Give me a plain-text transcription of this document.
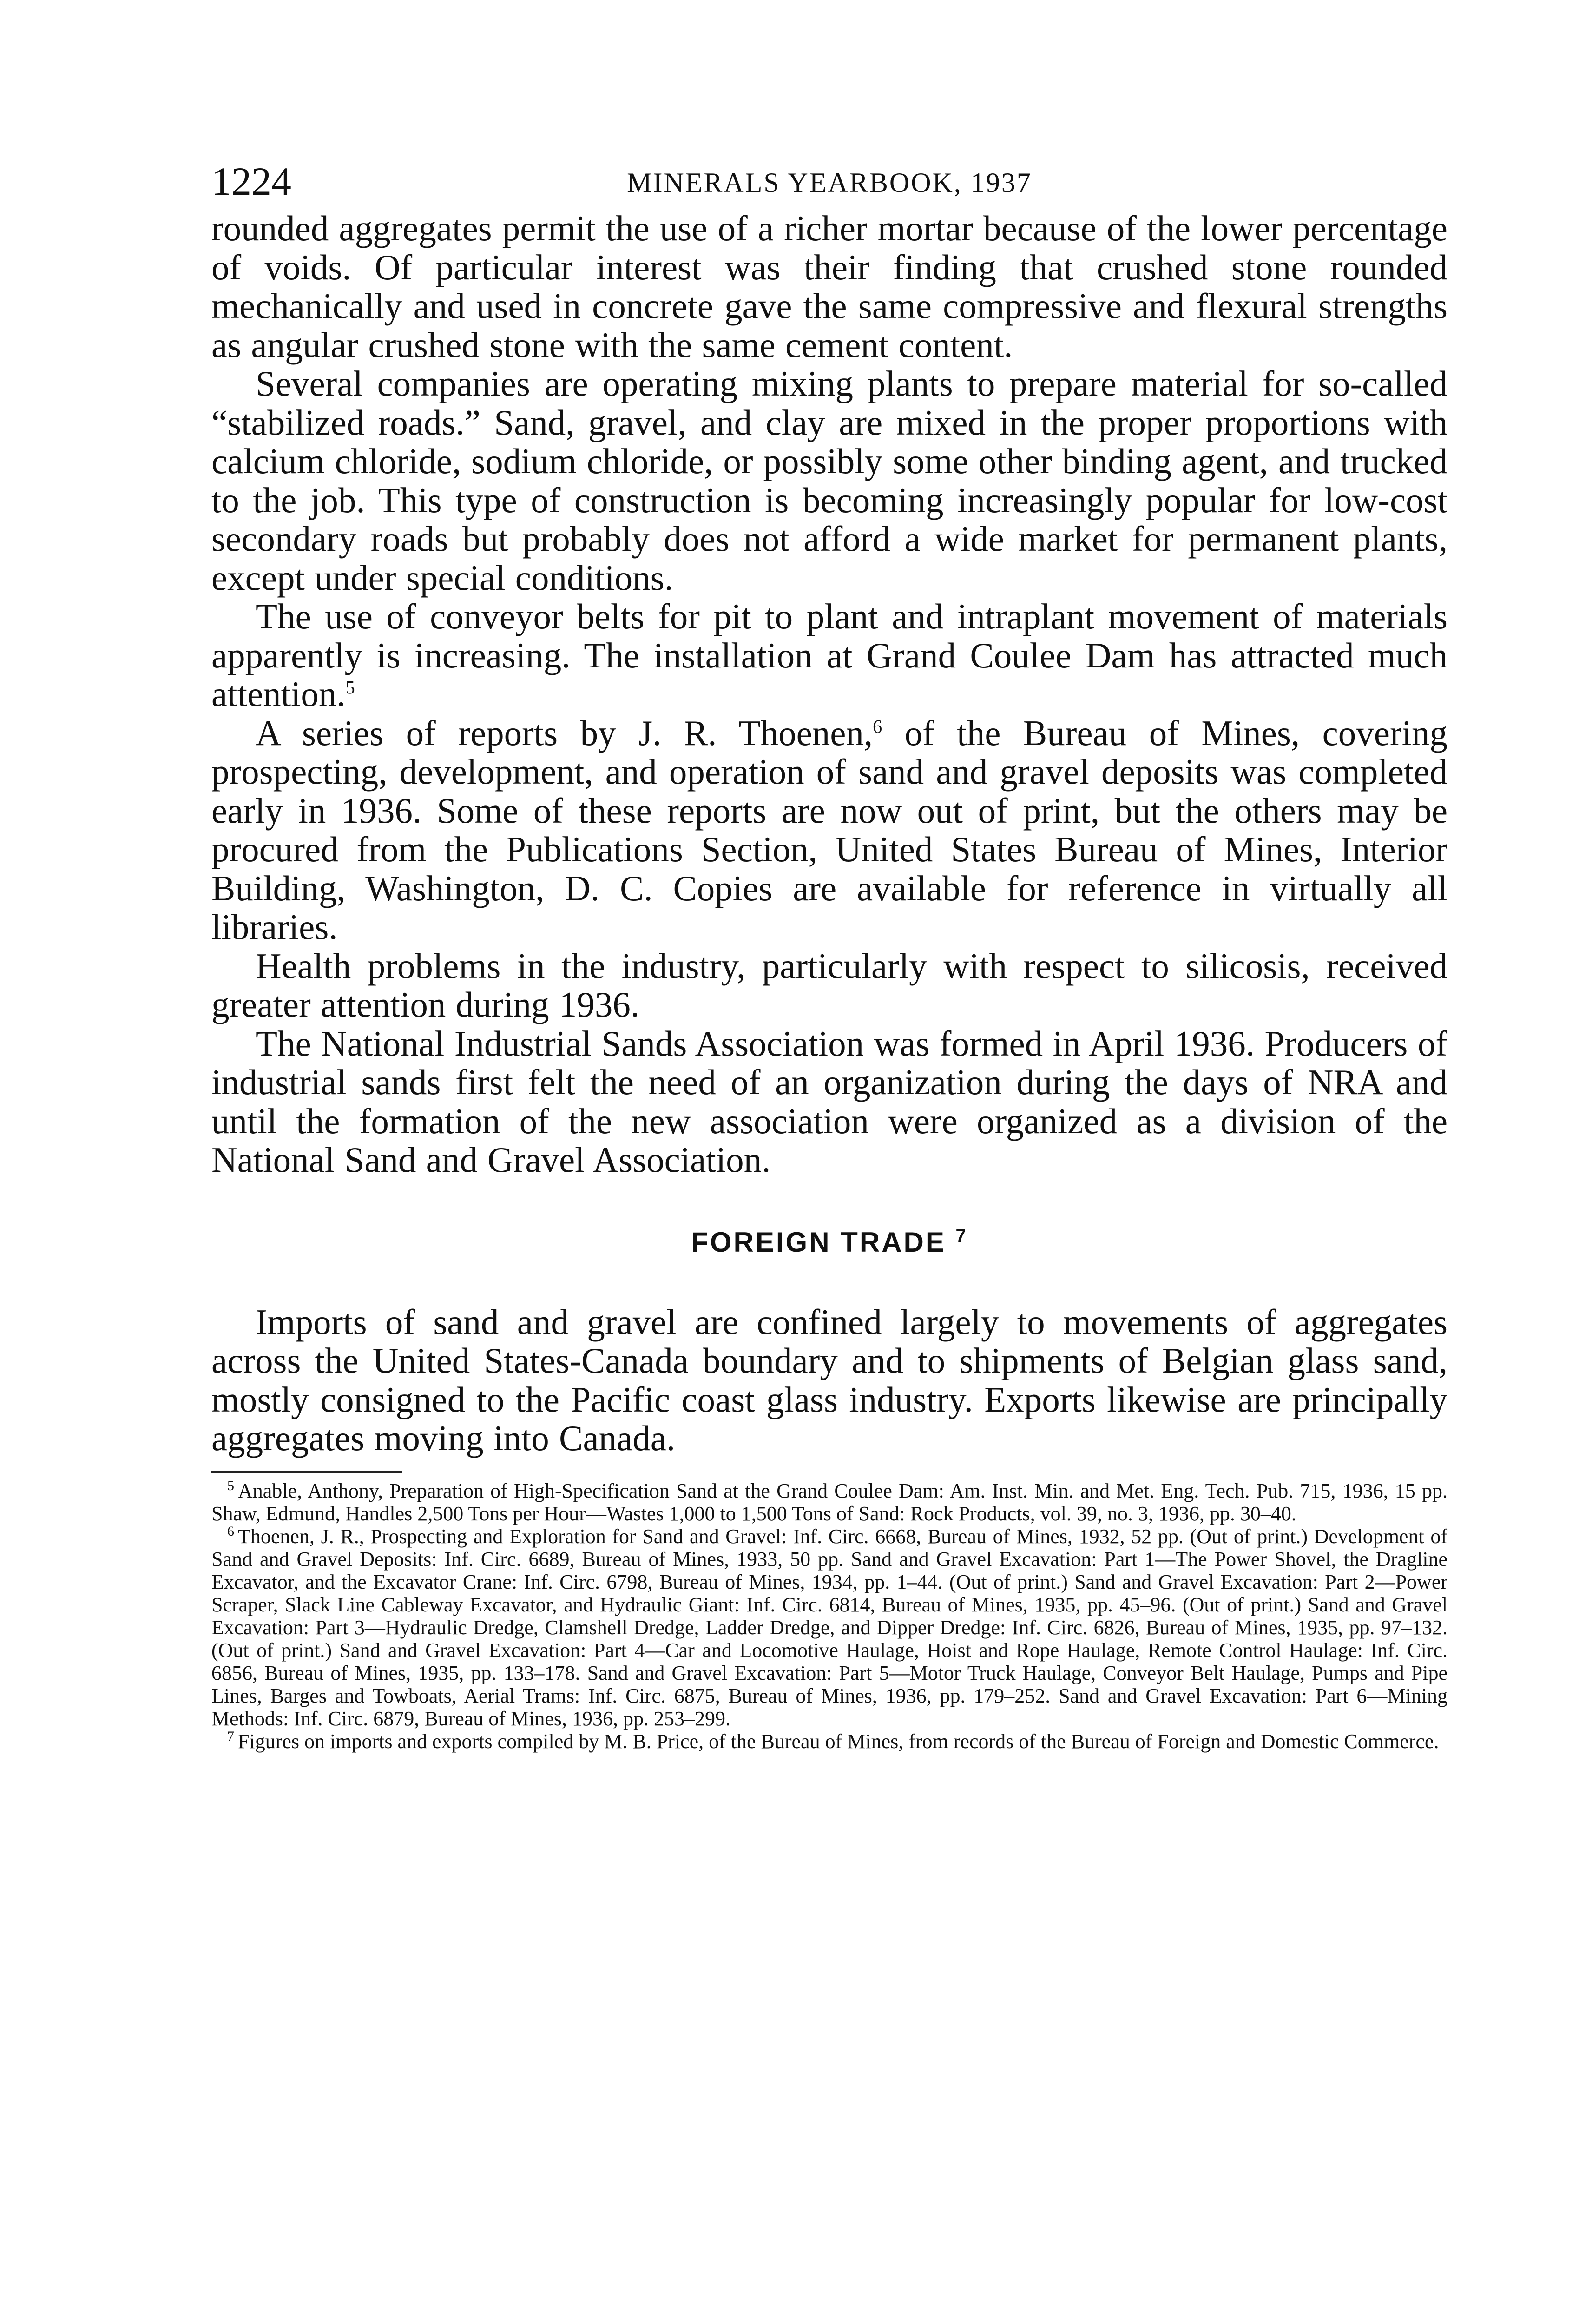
1224	MINERALS YEARBOOK, 1937

rounded aggregates permit the use of a richer mortar because of the lower percentage of voids. Of particular interest was their finding that crushed stone rounded mechanically and used in concrete gave the same compressive and flexural strengths as angular crushed stone with the same cement content.

Several companies are operating mixing plants to prepare material for so-called “stabilized roads.” Sand, gravel, and clay are mixed in the proper proportions with calcium chloride, sodium chloride, or possibly some other binding agent, and trucked to the job. This type of construction is becoming increasingly popular for low-cost secondary roads but probably does not afford a wide market for permanent plants, except under special conditions.

The use of conveyor belts for pit to plant and intraplant movement of materials apparently is increasing. The installation at Grand Coulee Dam has attracted much attention.$^5$

A series of reports by J. R. Thoenen,$^6$ of the Bureau of Mines, covering prospecting, development, and operation of sand and gravel deposits was completed early in 1936. Some of these reports are now out of print, but the others may be procured from the Publications Section, United States Bureau of Mines, Interior Building, Washington, D. C. Copies are available for reference in virtually all libraries.

Health problems in the industry, particularly with respect to silicosis, received greater attention during 1936.

The National Industrial Sands Association was formed in April 1936. Producers of industrial sands first felt the need of an organization during the days of NRA and until the formation of the new association were organized as a division of the National Sand and Gravel Association.

FOREIGN TRADE $^7$

Imports of sand and gravel are confined largely to movements of aggregates across the United States-Canada boundary and to shipments of Belgian glass sand, mostly consigned to the Pacific coast glass industry. Exports likewise are principally aggregates moving into Canada.

$^5$ Anable, Anthony, Preparation of High-Specification Sand at the Grand Coulee Dam: Am. Inst. Min. and Met. Eng. Tech. Pub. 715, 1936, 15 pp. Shaw, Edmund, Handles 2,500 Tons per Hour—Wastes 1,000 to 1,500 Tons of Sand: Rock Products, vol. 39, no. 3, 1936, pp. 30–40.

$^6$ Thoenen, J. R., Prospecting and Exploration for Sand and Gravel: Inf. Circ. 6668, Bureau of Mines, 1932, 52 pp. (Out of print.) Development of Sand and Gravel Deposits: Inf. Circ. 6689, Bureau of Mines, 1933, 50 pp. Sand and Gravel Excavation: Part 1—The Power Shovel, the Dragline Excavator, and the Excavator Crane: Inf. Circ. 6798, Bureau of Mines, 1934, pp. 1–44. (Out of print.) Sand and Gravel Excavation: Part 2—Power Scraper, Slack Line Cableway Excavator, and Hydraulic Giant: Inf. Circ. 6814, Bureau of Mines, 1935, pp. 45–96. (Out of print.) Sand and Gravel Excavation: Part 3—Hydraulic Dredge, Clamshell Dredge, Ladder Dredge, and Dipper Dredge: Inf. Circ. 6826, Bureau of Mines, 1935, pp. 97–132. (Out of print.) Sand and Gravel Excavation: Part 4—Car and Locomotive Haulage, Hoist and Rope Haulage, Remote Control Haulage: Inf. Circ. 6856, Bureau of Mines, 1935, pp. 133–178. Sand and Gravel Excavation: Part 5—Motor Truck Haulage, Conveyor Belt Haulage, Pumps and Pipe Lines, Barges and Towboats, Aerial Trams: Inf. Circ. 6875, Bureau of Mines, 1936, pp. 179–252. Sand and Gravel Excavation: Part 6—Mining Methods: Inf. Circ. 6879, Bureau of Mines, 1936, pp. 253–299.

$^7$ Figures on imports and exports compiled by M. B. Price, of the Bureau of Mines, from records of the Bureau of Foreign and Domestic Commerce.
